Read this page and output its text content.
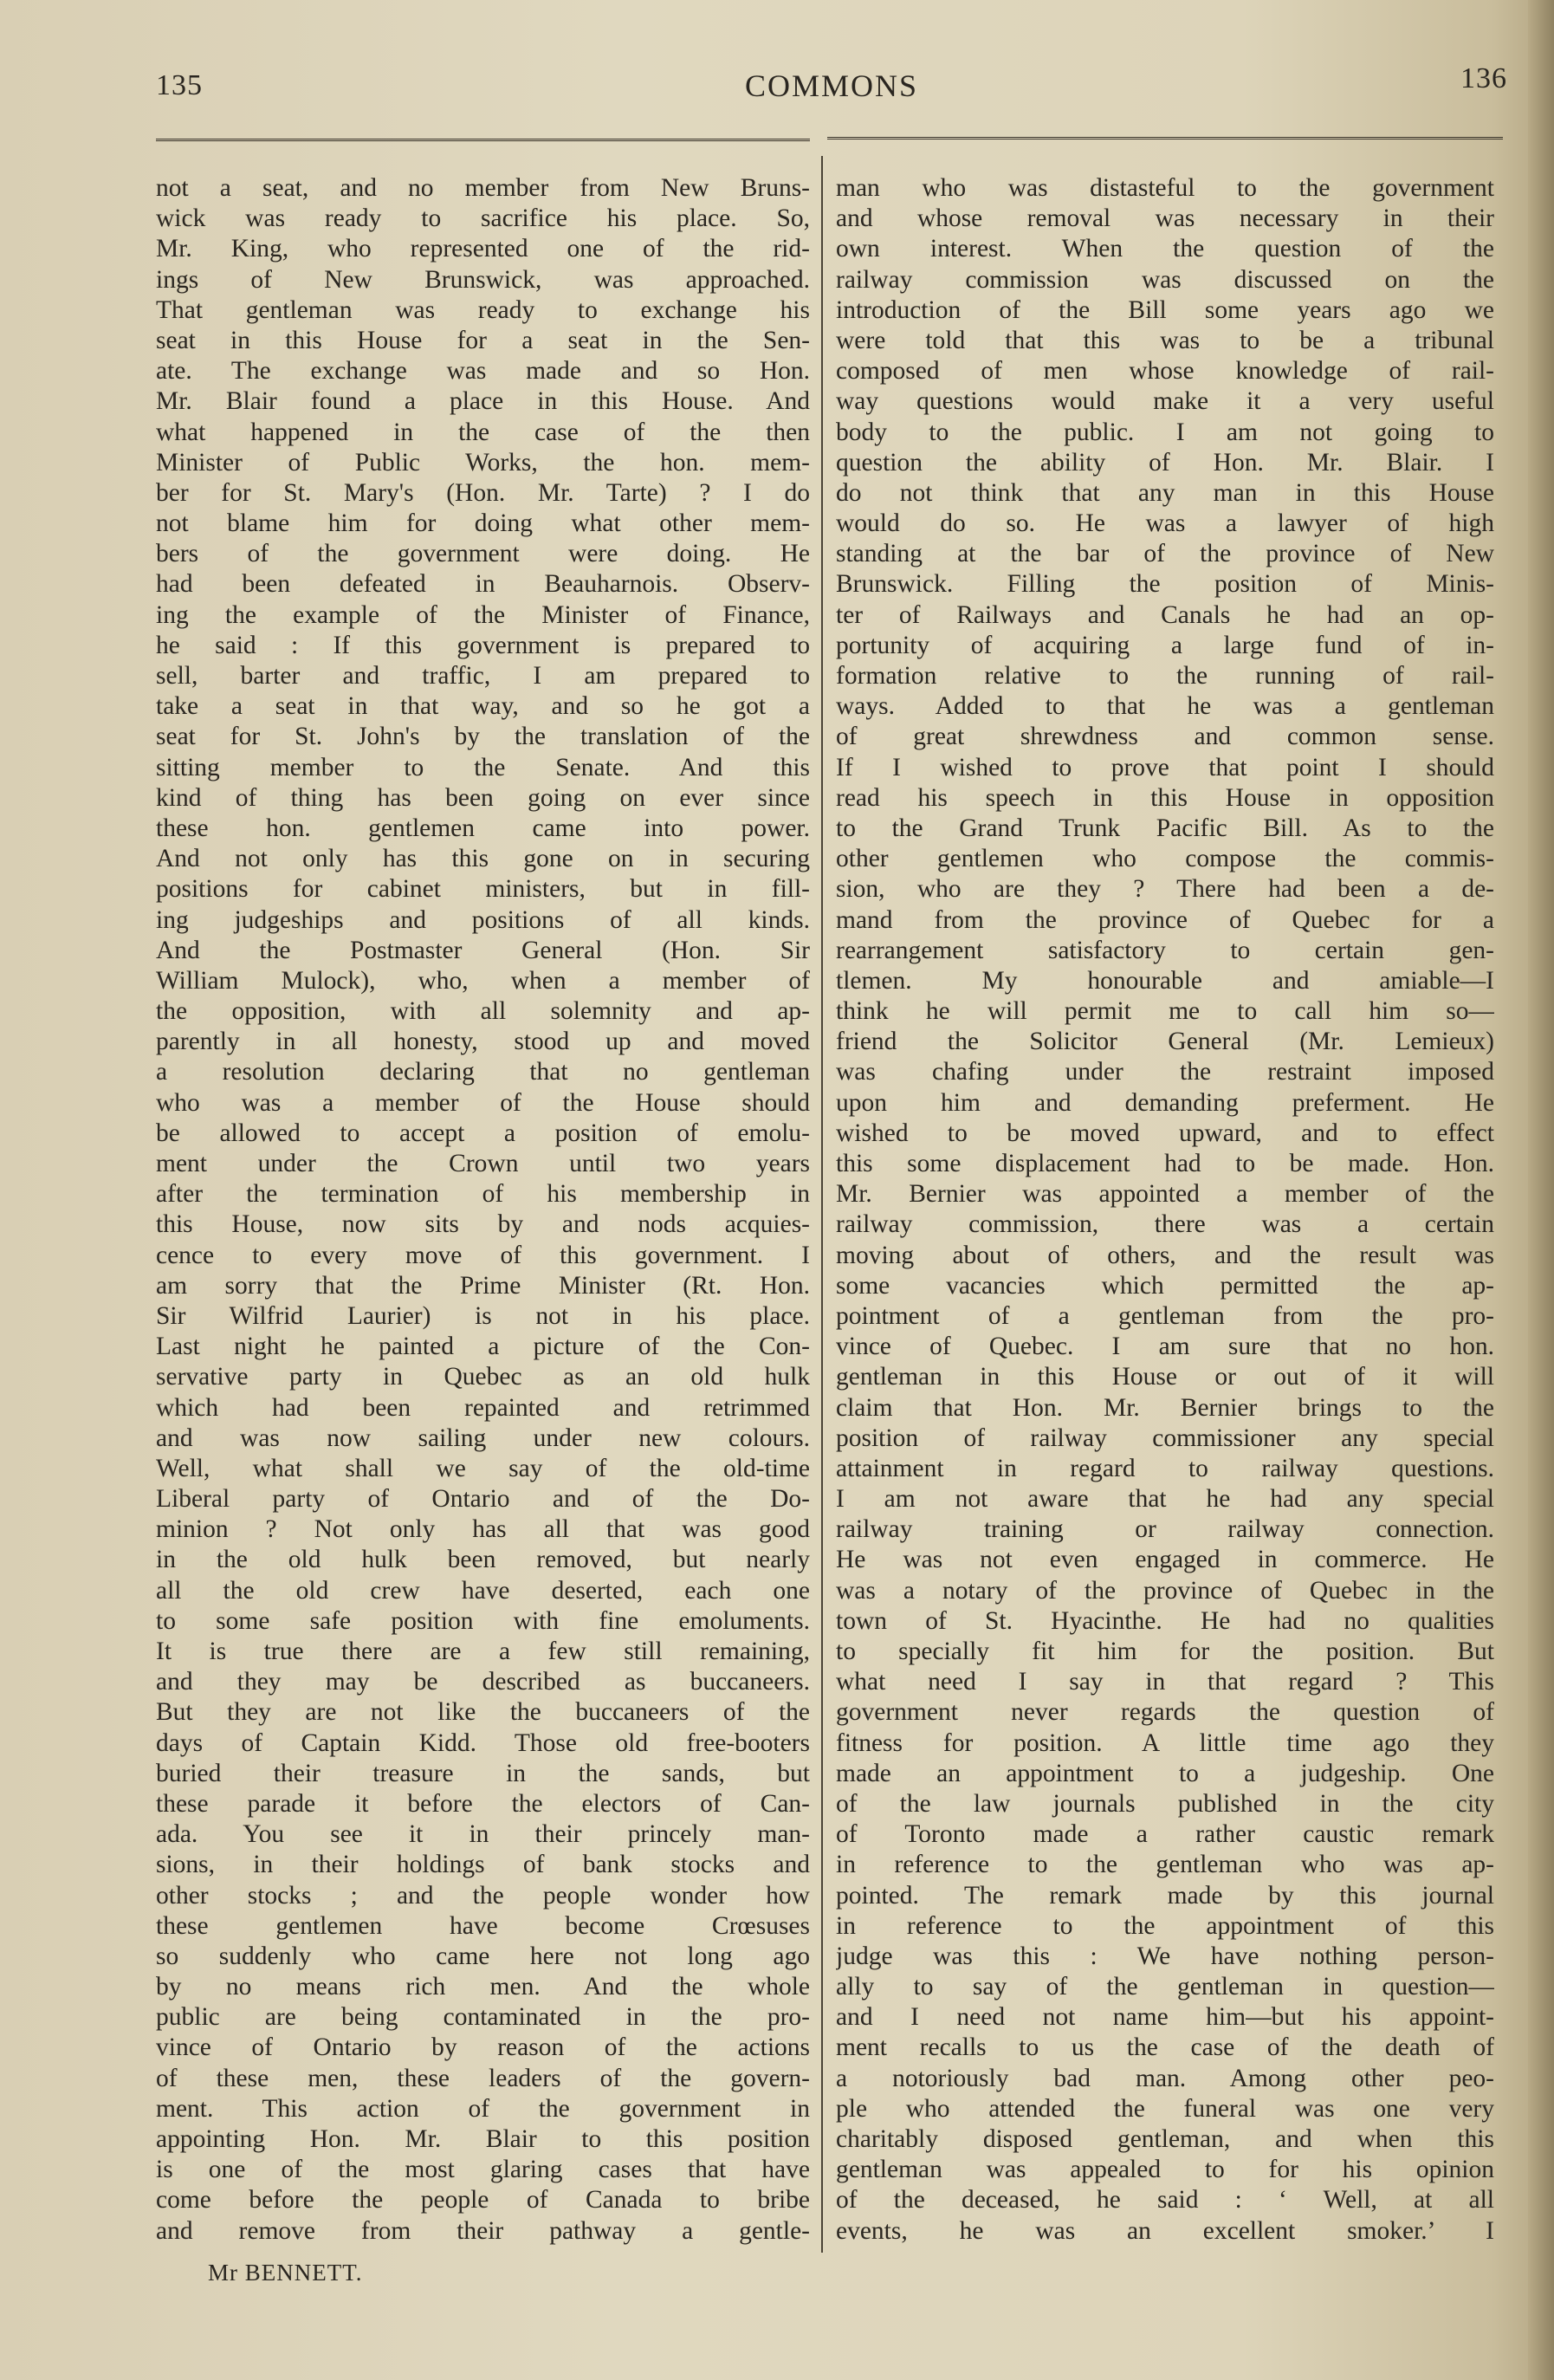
135	COMMONS	136
not a seat, and no member from New Bruns-
wick was ready to sacrifice his place. So,
Mr. King, who represented one of the rid-
ings of New Brunswick, was approached.
That gentleman was ready to exchange his
seat in this House for a seat in the Sen-
ate. The exchange was made and so Hon.
Mr. Blair found a place in this House. And
what happened in the case of the then
Minister of Public Works, the hon. mem-
ber for St. Mary's (Hon. Mr. Tarte) ? I do
not blame him for doing what other mem-
bers of the government were doing. He
had been defeated in Beauharnois. Observ-
ing the example of the Minister of Finance,
he said : If this government is prepared to
sell, barter and traffic, I am prepared to
take a seat in that way, and so he got a
seat for St. John's by the translation of the
sitting member to the Senate. And this
kind of thing has been going on ever since
these hon. gentlemen came into power.
And not only has this gone on in securing
positions for cabinet ministers, but in fill-
ing judgeships and positions of all kinds.
And the Postmaster General (Hon. Sir
William Mulock), who, when a member of
the opposition, with all solemnity and ap-
parently in all honesty, stood up and moved
a resolution declaring that no gentleman
who was a member of the House should
be allowed to accept a position of emolu-
ment under the Crown until two years
after the termination of his membership in
this House, now sits by and nods acquies-
cence to every move of this government. I
am sorry that the Prime Minister (Rt. Hon.
Sir Wilfrid Laurier) is not in his place.
Last night he painted a picture of the Con-
servative party in Quebec as an old hulk
which had been repainted and retrimmed
and was now sailing under new colours.
Well, what shall we say of the old-time
Liberal party of Ontario and of the Do-
minion ? Not only has all that was good
in the old hulk been removed, but nearly
all the old crew have deserted, each one
to some safe position with fine emoluments.
It is true there are a few still remaining,
and they may be described as buccaneers.
But they are not like the buccaneers of the
days of Captain Kidd. Those old free-booters
buried their treasure in the sands, but
these parade it before the electors of Can-
ada. You see it in their princely man-
sions, in their holdings of bank stocks and
other stocks ; and the people wonder how
these gentlemen have become Crœsuses
so suddenly who came here not long ago
by no means rich men. And the whole
public are being contaminated in the pro-
vince of Ontario by reason of the actions
of these men, these leaders of the govern-
ment. This action of the government in
appointing Hon. Mr. Blair to this position
is one of the most glaring cases that have
come before the people of Canada to bribe
and remove from their pathway a gentle-
man who was distasteful to the government
and whose removal was necessary in their
own interest. When the question of the
railway commission was discussed on the
introduction of the Bill some years ago we
were told that this was to be a tribunal
composed of men whose knowledge of rail-
way questions would make it a very useful
body to the public. I am not going to
question the ability of Hon. Mr. Blair. I
do not think that any man in this House
would do so. He was a lawyer of high
standing at the bar of the province of New
Brunswick. Filling the position of Minis-
ter of Railways and Canals he had an op-
portunity of acquiring a large fund of in-
formation relative to the running of rail-
ways. Added to that he was a gentleman
of great shrewdness and common sense.
If I wished to prove that point I should
read his speech in this House in opposition
to the Grand Trunk Pacific Bill. As to the
other gentlemen who compose the commis-
sion, who are they ? There had been a de-
mand from the province of Quebec for a
rearrangement satisfactory to certain gen-
tlemen. My honourable and amiable—I
think he will permit me to call him so—
friend the Solicitor General (Mr. Lemieux)
was chafing under the restraint imposed
upon him and demanding preferment. He
wished to be moved upward, and to effect
this some displacement had to be made. Hon.
Mr. Bernier was appointed a member of the
railway commission, there was a certain
moving about of others, and the result was
some vacancies which permitted the ap-
pointment of a gentleman from the pro-
vince of Quebec. I am sure that no hon.
gentleman in this House or out of it will
claim that Hon. Mr. Bernier brings to the
position of railway commissioner any special
attainment in regard to railway questions.
I am not aware that he had any special
railway training or railway connection.
He was not even engaged in commerce. He
was a notary of the province of Quebec in the
town of St. Hyacinthe. He had no qualities
to specially fit him for the position. But
what need I say in that regard ? This
government never regards the question of
fitness for position. A little time ago they
made an appointment to a judgeship. One
of the law journals published in the city
of Toronto made a rather caustic remark
in reference to the gentleman who was ap-
pointed. The remark made by this journal
in reference to the appointment of this
judge was this : We have nothing person-
ally to say of the gentleman in question—
and I need not name him—but his appoint-
ment recalls to us the case of the death of
a notoriously bad man. Among other peo-
ple who attended the funeral was one very
charitably disposed gentleman, and when this
gentleman was appealed to for his opinion
of the deceased, he said : ‘ Well, at all
events, he was an excellent smoker.’ I
Mr BENNETT.
